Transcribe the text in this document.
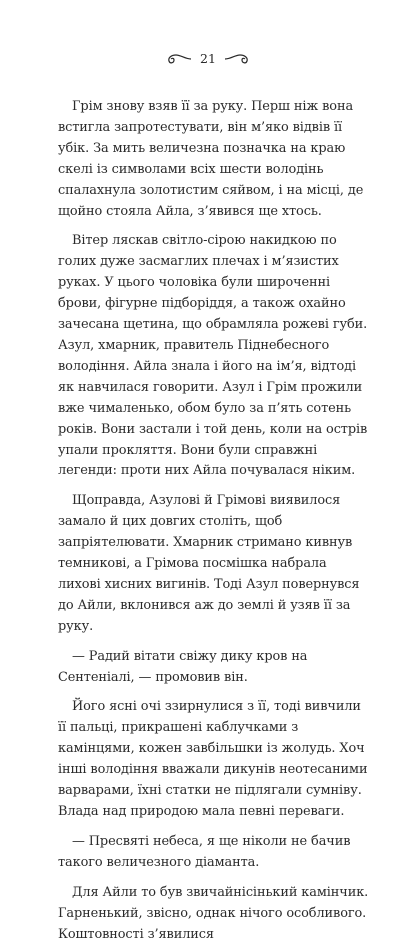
21

Грім знову взяв її за руку. Перш ніж вона встигла запротестувати, він м’яко відвів її убік. За мить величезна позначка на краю скелі із символами всіх шести володінь спалахнула золотистим сяйвом, і на місці, де щойно стояла Айла, з’явився ще хтось.

Вітер ляскав світло-сірою накидкою по голих дуже засмаглих плечах і м’язистих руках. У цього чоловіка були широченні брови, фігурне підборіддя, а також охайно зачесана щетина, що обрамляла рожеві губи. Азул, хмарник, правитель Піднебесного володіння. Айла знала і його на ім’я, відтоді як навчилася говорити. Азул і Грім прожили вже чималенько, обом було за п’ять сотень років. Вони застали і той день, коли на острів упали прокляття. Вони були справжні легенди: проти них Айла почувалася ніким.

Щоправда, Азулові й Грімові виявилося замало й цих довгих століть, щоб запріятелювати. Хмарник стримано кивнув темникові, а Грімова посмішка набрала лихові хисних вигинів. Тоді Азул повернувся до Айли, вклонився аж до землі й узяв її за руку.

— Радий вітати свіжу дику кров на Сентеніалі, — промовив він.

Його ясні очі ззирнулися з її, тоді вивчили її пальці, прикрашені каблучками з камінцями, кожен завбільшки із жолудь. Хоч інші володіння вважали дикунів неотесаними варварами, їхні статки не підлягали сумніву. Влада над природою мала певні переваги.

— Пресвяті небеса, я ще ніколи не бачив такого величезного діаманта.

Для Айли то був звичайнісінький камінчик. Гарненький, звісно, однак нічого особливого. Коштовності з’явилися
